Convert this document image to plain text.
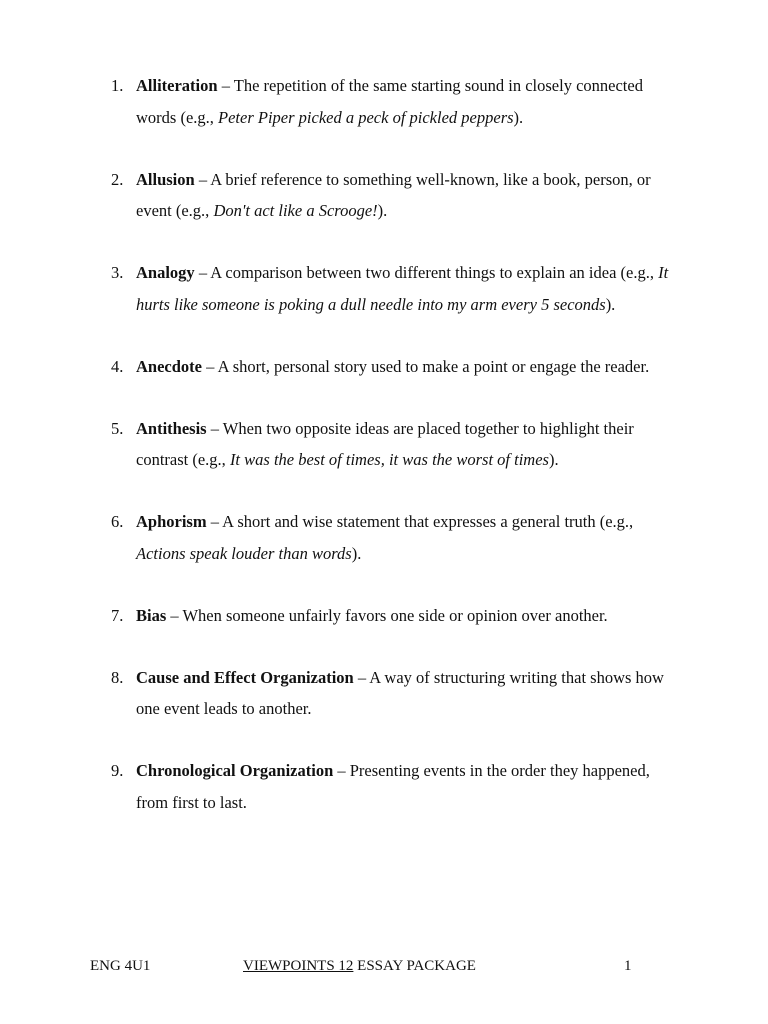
1. Alliteration – The repetition of the same starting sound in closely connected words (e.g., Peter Piper picked a peck of pickled peppers).
2. Allusion – A brief reference to something well-known, like a book, person, or event (e.g., Don't act like a Scrooge!).
3. Analogy – A comparison between two different things to explain an idea (e.g., It hurts like someone is poking a dull needle into my arm every 5 seconds).
4. Anecdote – A short, personal story used to make a point or engage the reader.
5. Antithesis – When two opposite ideas are placed together to highlight their contrast (e.g., It was the best of times, it was the worst of times).
6. Aphorism – A short and wise statement that expresses a general truth (e.g., Actions speak louder than words).
7. Bias – When someone unfairly favors one side or opinion over another.
8. Cause and Effect Organization – A way of structuring writing that shows how one event leads to another.
9. Chronological Organization – Presenting events in the order they happened, from first to last.
ENG 4U1	VIEWPOINTS 12 ESSAY PACKAGE	1
